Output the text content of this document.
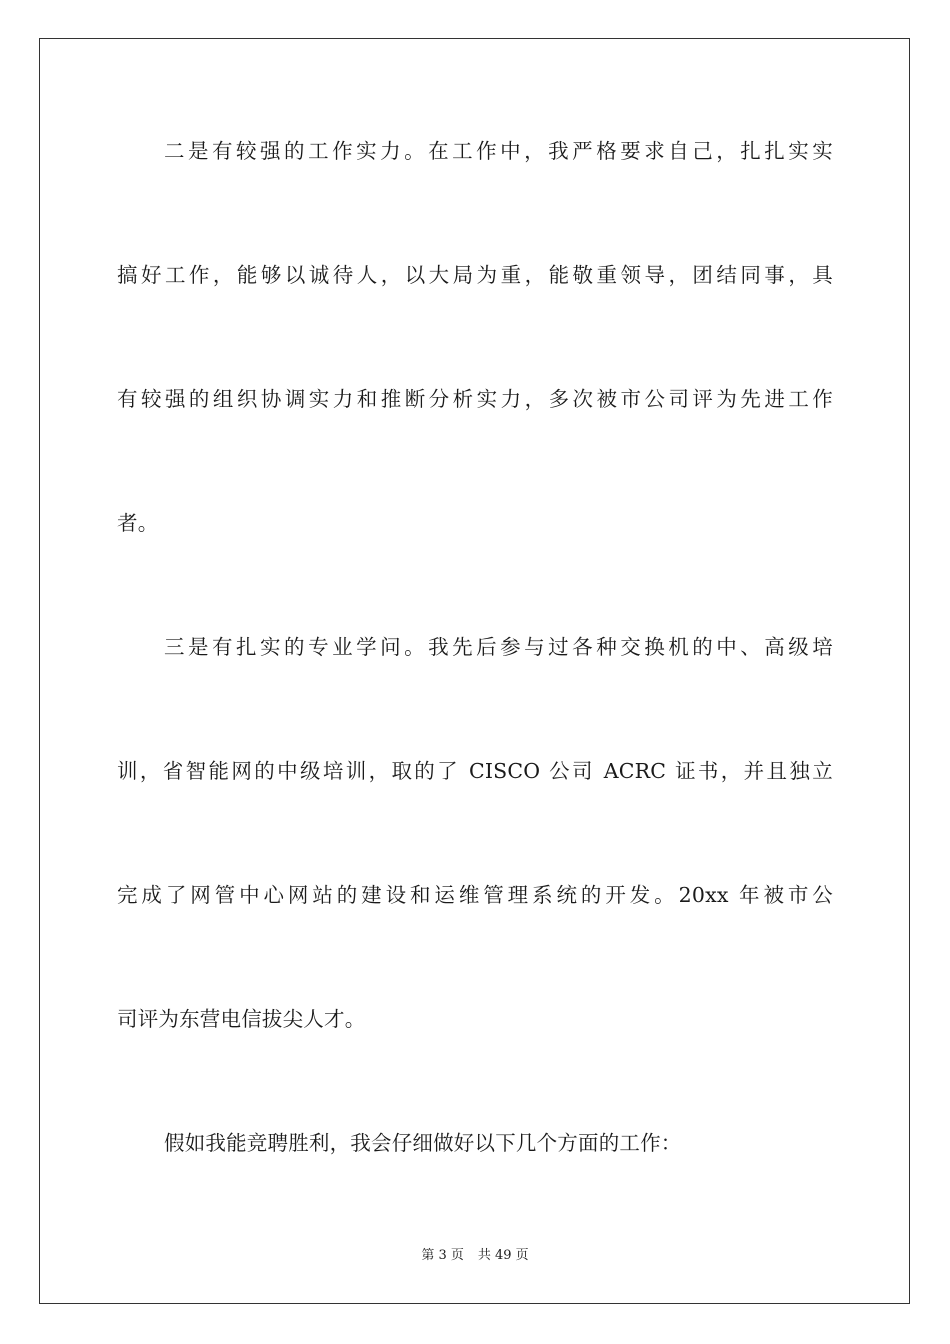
二是有较强的工作实力。在工作中，我严格要求自己，扎扎实实
搞好工作，能够以诚待人，以大局为重，能敬重领导，团结同事，具
有较强的组织协调实力和推断分析实力，多次被市公司评为先进工作
者。
三是有扎实的专业学问。我先后参与过各种交换机的中、高级培
训，省智能网的中级培训，取的了 CISCO 公司 ACRC 证书，并且独立
完成了网管中心网站的建设和运维管理系统的开发。20xx 年被市公
司评为东营电信拔尖人才。
假如我能竞聘胜利，我会仔细做好以下几个方面的工作：
第 3 页 共 49 页
